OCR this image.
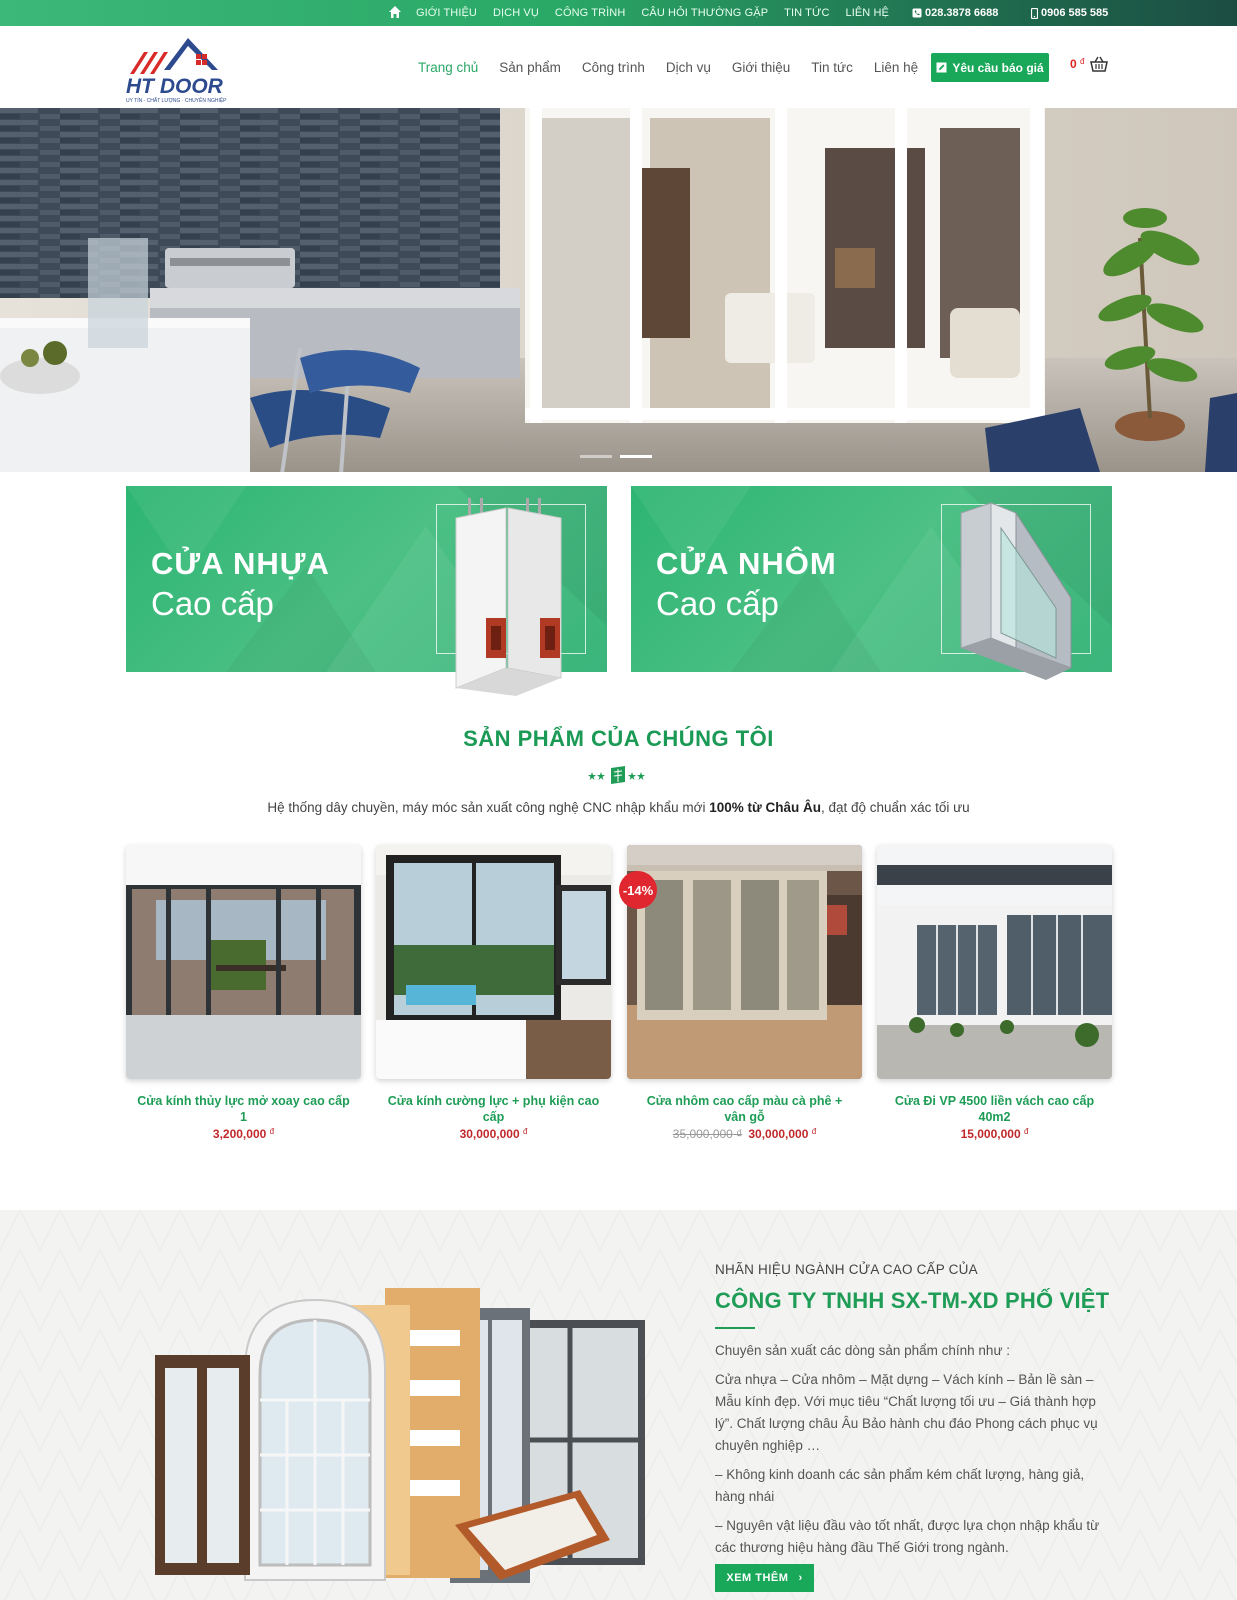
GIỚI THIỆU DỊCH VỤ CÔNG TRÌNH CÂU HỎI THƯỜNG GẶP TIN TỨC LIÊN HỆ	028.3878 6688	0906 585 585
HT DOOR
UY TÍN · CHẤT LƯỢNG · CHUYÊN NGHIỆP
Trang chủ Sản phẩm Công trình Dịch vụ Giới thiệu Tin tức Liên hệ	Yêu cầu báo giá 0 $^đ$
CỬA NHỰA
Cao cấp
CỬA NHÔM
Cao cấp
SẢN PHẨM CỦA CHÚNG TÔI
Hệ thống dây chuyền, máy móc sản xuất công nghệ CNC nhập khẩu mới 100% từ Châu Âu, đạt độ chuẩn xác tối ưu
Cửa kính thủy lực mở xoay cao cấp 1
3,200,000 $^đ$
Cửa kính cường lực + phụ kiện cao cấp
30,000,000 $^đ$
-14%
Cửa nhôm cao cấp màu cà phê + vân gỗ
35,000,000 ₫ 30,000,000 $^đ$
Cửa Đi VP 4500 liền vách cao cấp 40m2
15,000,000 $^đ$
NHÃN HIỆU NGÀNH CỬA CAO CẤP CỦA
CÔNG TY TNHH SX-TM-XD PHỐ VIỆT

Chuyên sản xuất các dòng sản phẩm chính như :

Cửa nhựa – Cửa nhôm – Mặt dựng – Vách kính – Bản lề sàn – Mẫu kính đẹp. Với mục tiêu “Chất lượng tối ưu – Giá thành hợp lý”. Chất lượng châu Âu Bảo hành chu đáo Phong cách phục vụ chuyên nghiệp …

– Không kinh doanh các sản phẩm kém chất lượng, hàng giả, hàng nhái

– Nguyên vật liệu đầu vào tốt nhất, được lựa chọn nhập khẩu từ các thương hiệu hàng đầu Thế Giới trong ngành.

XEM THÊM ›
